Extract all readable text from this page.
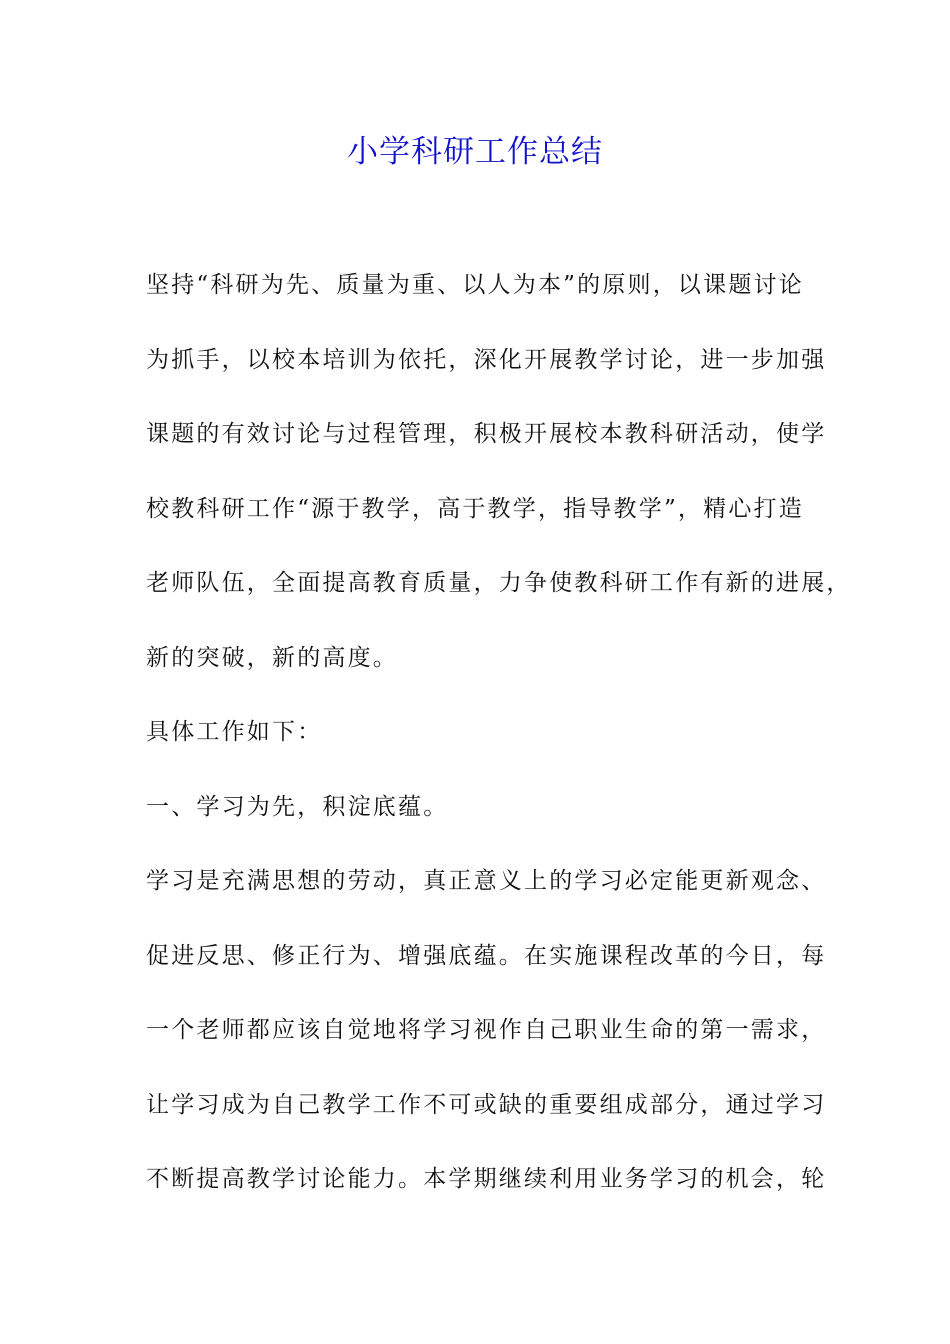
小学科研工作总结
坚持“科研为先、质量为重、以人为本”的原则，以课题讨论
为抓手，以校本培训为依托，深化开展教学讨论，进一步加强
课题的有效讨论与过程管理，积极开展校本教科研活动，使学
校教科研工作“源于教学，高于教学，指导教学”，精心打造
老师队伍，全面提高教育质量，力争使教科研工作有新的进展，
新的突破，新的高度。
具体工作如下：
一、学习为先，积淀底蕴。
学习是充满思想的劳动，真正意义上的学习必定能更新观念、
促进反思、修正行为、增强底蕴。在实施课程改革的今日，每
一个老师都应该自觉地将学习视作自己职业生命的第一需求，
让学习成为自己教学工作不可或缺的重要组成部分，通过学习
不断提高教学讨论能力。本学期继续利用业务学习的机会，轮
